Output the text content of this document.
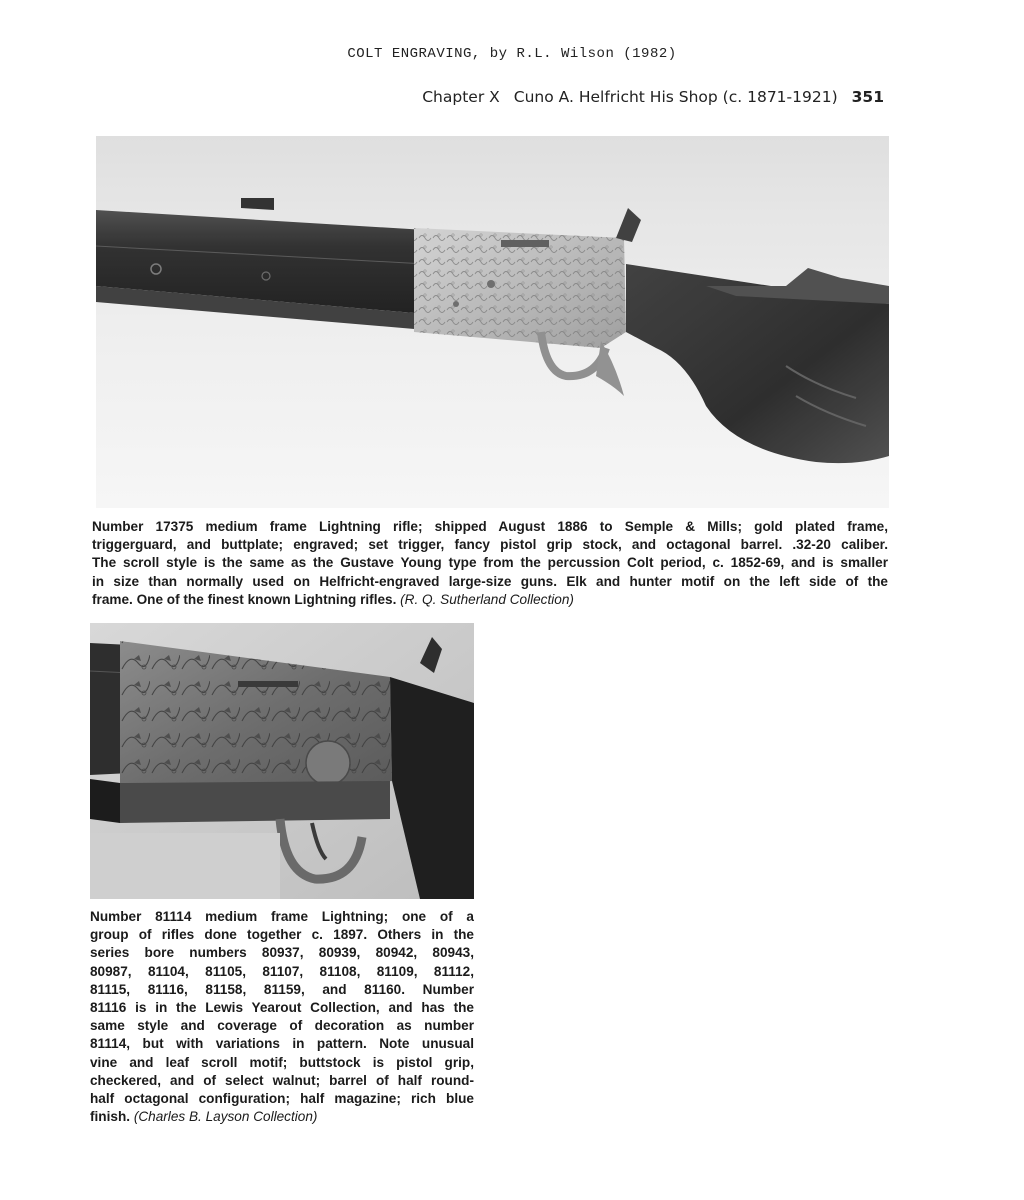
COLT ENGRAVING, by R.L. Wilson (1982)
Chapter X Cuno A. Helfricht His Shop (c. 1871-1921) 351

Number 17375 medium frame Lightning rifle; shipped August 1886 to Semple & Mills; gold plated frame,
triggerguard, and buttplate; engraved; set trigger, fancy pistol grip stock, and octagonal barrel. .32-20 caliber.
The scroll style is the same as the Gustave Young type from the percussion Colt period, c. 1852-69, and is smaller
in size than normally used on Helfricht-engraved large-size guns. Elk and hunter motif on the left side of the
frame. One of the finest known Lightning rifles. (R. Q. Sutherland Collection)

Number 81114 medium frame Lightning; one of a
group of rifles done together c. 1897. Others in the
series bore numbers 80937, 80939, 80942, 80943,
80987, 81104, 81105, 81107, 81108, 81109, 81112,
81115, 81116, 81158, 81159, and 81160. Number
81116 is in the Lewis Yearout Collection, and has the
same style and coverage of decoration as number
81114, but with variations in pattern. Note unusual
vine and leaf scroll motif; buttstock is pistol grip,
checkered, and of select walnut; barrel of half round-
half octagonal configuration; half magazine; rich blue
finish. (Charles B. Layson Collection)
